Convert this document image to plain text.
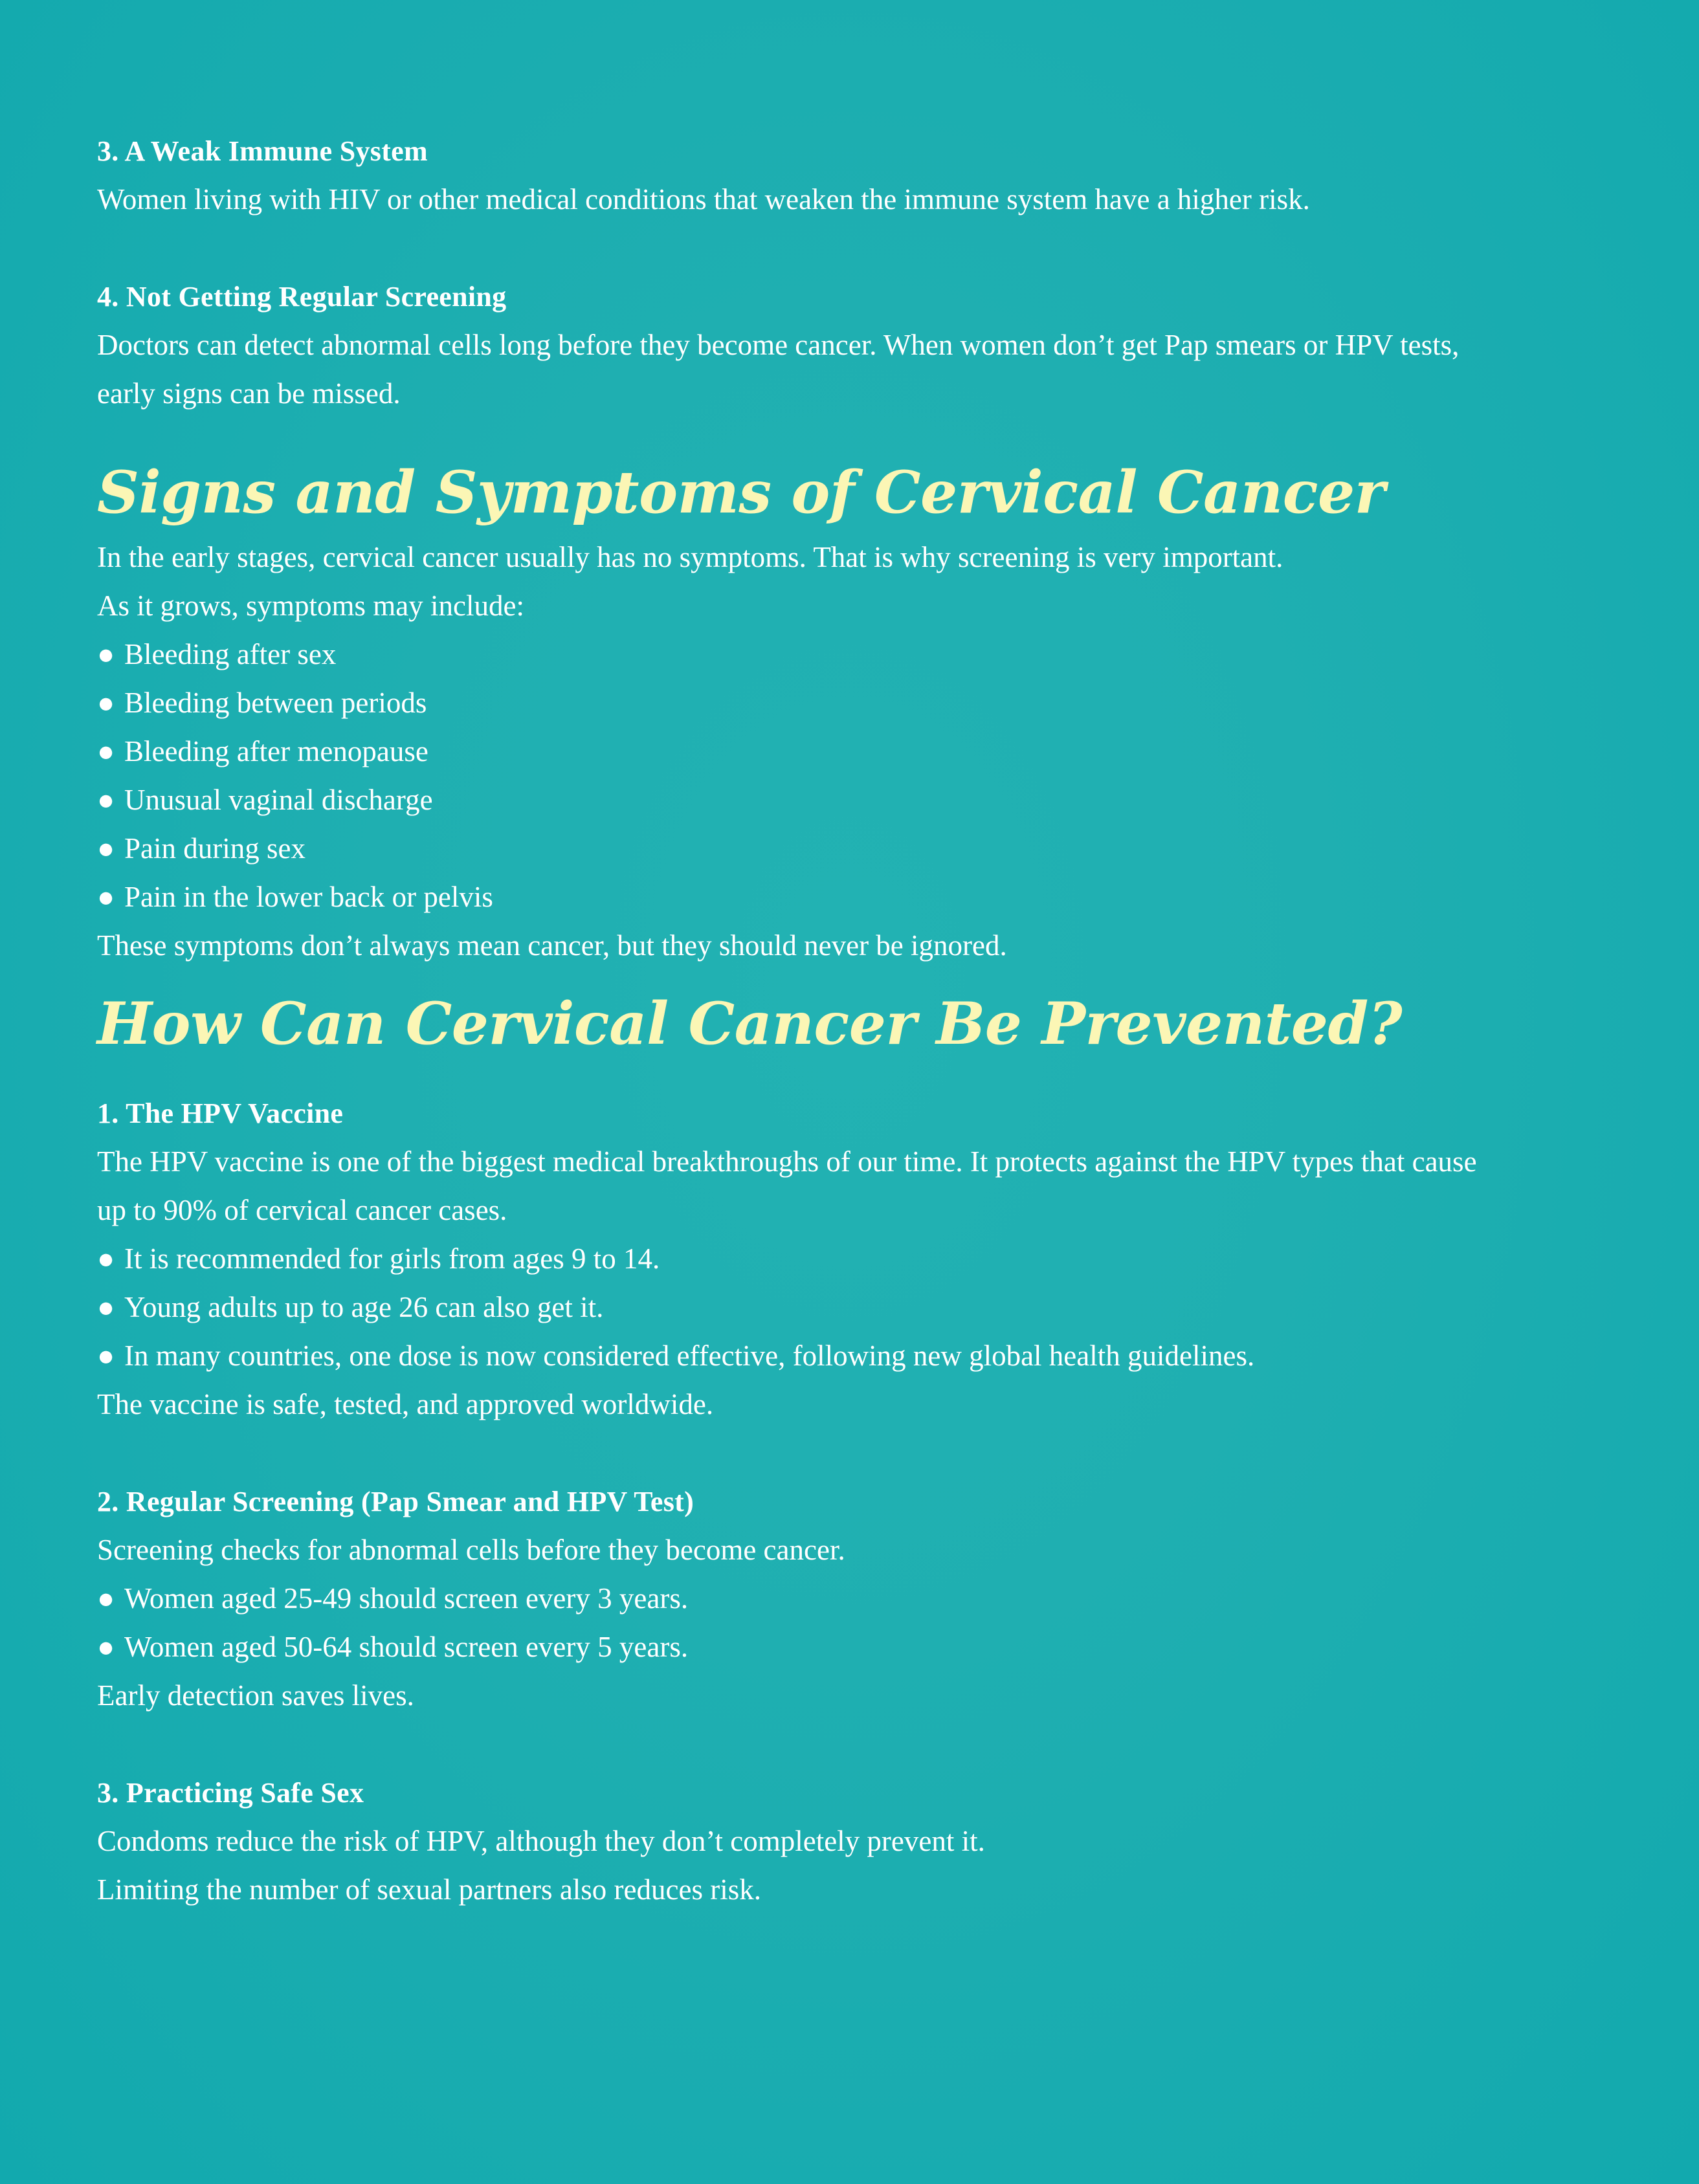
3. A Weak Immune System

Women living with HIV or other medical conditions that weaken the immune system have a higher risk.

4. Not Getting Regular Screening

Doctors can detect abnormal cells long before they become cancer. When women don’t get Pap smears or HPV tests,

early signs can be missed.

Signs and Symptoms of Cervical Cancer

In the early stages, cervical cancer usually has no symptoms. That is why screening is very important.

As it grows, symptoms may include:

● Bleeding after sex
● Bleeding between periods
● Bleeding after menopause
● Unusual vaginal discharge
● Pain during sex
● Pain in the lower back or pelvis

These symptoms don’t always mean cancer, but they should never be ignored.

How Can Cervical Cancer Be Prevented?

1. The HPV Vaccine

The HPV vaccine is one of the biggest medical breakthroughs of our time. It protects against the HPV types that cause

up to 90% of cervical cancer cases.

● It is recommended for girls from ages 9 to 14.
● Young adults up to age 26 can also get it.
● In many countries, one dose is now considered effective, following new global health guidelines.

The vaccine is safe, tested, and approved worldwide.

2. Regular Screening (Pap Smear and HPV Test)

Screening checks for abnormal cells before they become cancer.

● Women aged 25-49 should screen every 3 years.
● Women aged 50-64 should screen every 5 years.

Early detection saves lives.

3. Practicing Safe Sex

Condoms reduce the risk of HPV, although they don’t completely prevent it.

Limiting the number of sexual partners also reduces risk.
